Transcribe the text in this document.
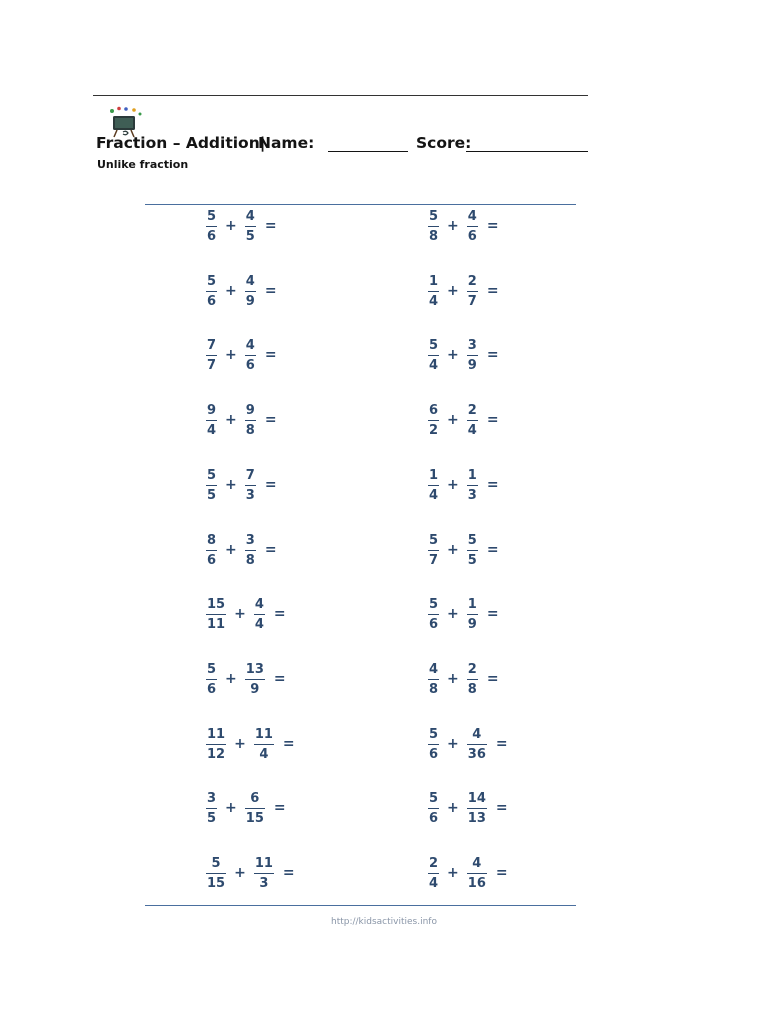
Fraction – Addition|
Name:	Score:
Unlike fraction
$\frac{5}{6} + \frac{4}{5}$ =
$\frac{5}{6} + \frac{4}{9}$ =
$\frac{7}{7} + \frac{4}{6}$ =
$\frac{9}{4} + \frac{9}{8}$ =
$\frac{5}{5} + \frac{7}{3}$ =
$\frac{8}{6} + \frac{3}{8}$ =
$\frac{15}{11} + \frac{4}{4}$ =
$\frac{5}{6} + \frac{13}{9}$ =
$\frac{11}{12} + \frac{11}{4}$ =
$\frac{3}{5} + \frac{6}{15}$ =
$\frac{5}{15} + \frac{11}{3}$ =
$\frac{5}{8} + \frac{4}{6}$ =
$\frac{1}{4} + \frac{2}{7}$ =
$\frac{5}{4} + \frac{3}{9}$ =
$\frac{6}{2} + \frac{2}{4}$ =
$\frac{1}{4} + \frac{1}{3}$ =
$\frac{5}{7} + \frac{5}{5}$ =
$\frac{5}{6} + \frac{1}{9}$ =
$\frac{4}{8} + \frac{2}{8}$ =
$\frac{5}{6} + \frac{4}{36}$ =
$\frac{5}{6} + \frac{14}{13}$ =
$\frac{2}{4} + \frac{4}{16}$ =
http://kidsactivities.info
